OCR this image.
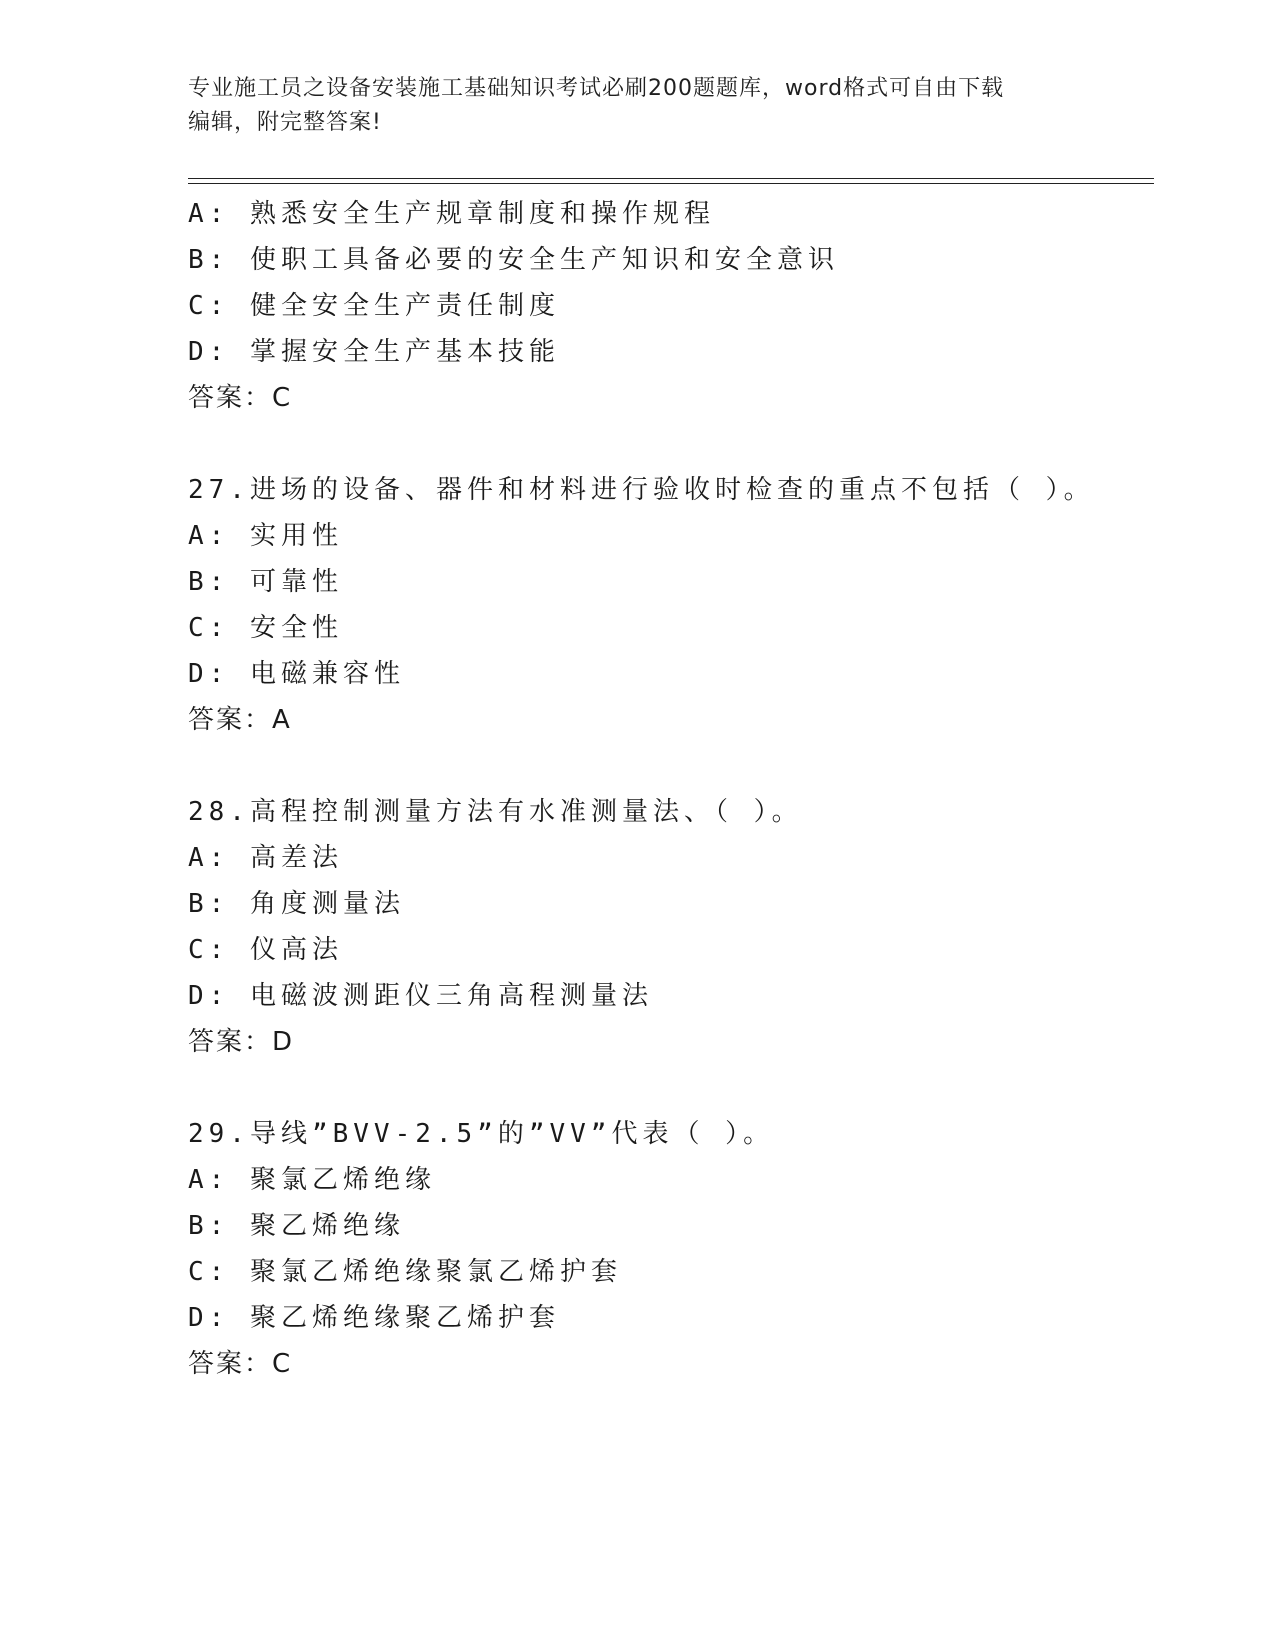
专业施工员之设备安装施工基础知识考试必刷200题题库，word格式可自由下载
编辑，附完整答案!
A: 熟悉安全生产规章制度和操作规程
B: 使职工具备必要的安全生产知识和安全意识
C: 健全安全生产责任制度
D: 掌握安全生产基本技能
答案：C
27.进场的设备、器件和材料进行验收时检查的重点不包括（ ）。
A: 实用性
B: 可靠性
C: 安全性
D: 电磁兼容性
答案：A
28.高程控制测量方法有水准测量法、（ ）。
A: 高差法
B: 角度测量法
C: 仪高法
D: 电磁波测距仪三角高程测量法
答案：D
29.导线”BVV-2.5”的”VV”代表（ ）。
A: 聚氯乙烯绝缘
B: 聚乙烯绝缘
C: 聚氯乙烯绝缘聚氯乙烯护套
D: 聚乙烯绝缘聚乙烯护套
答案：C
